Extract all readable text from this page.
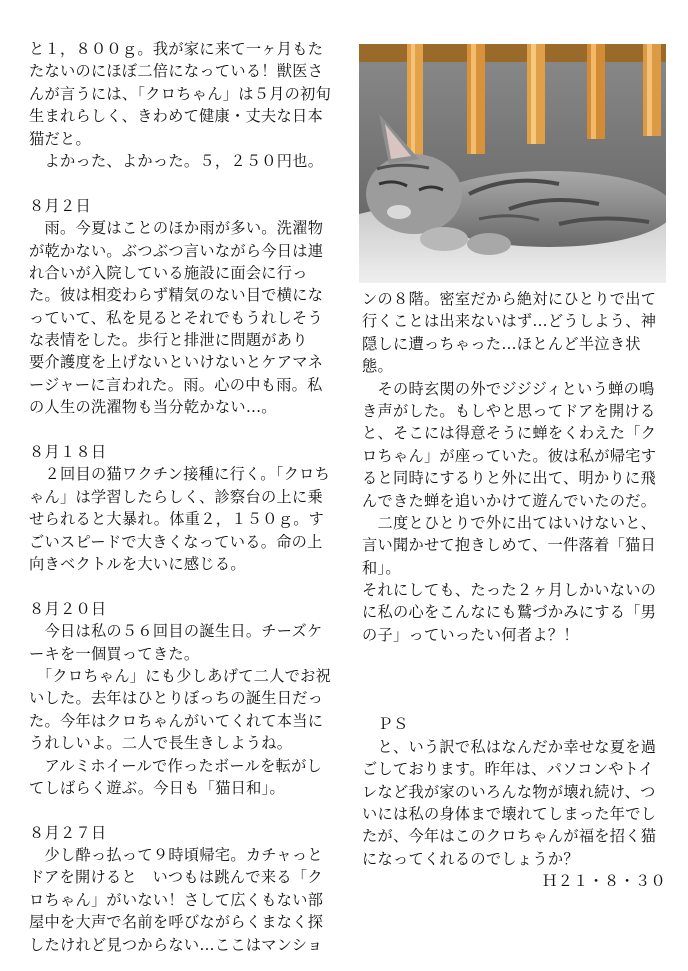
と１，８００ｇ。我が家に来て一ヶ月もた
たないのにほぼ二倍になっている！獣医さ
んが言うには、「クロちゃん」は５月の初旬
生まれらしく、きわめて健康・丈夫な日本
猫だと。
　よかった、よかった。５，２５０円也。
８月２日
　雨。今夏はことのほか雨が多い。洗濯物
が乾かない。ぶつぶつ言いながら今日は連
れ合いが入院している施設に面会に行っ
た。彼は相変わらず精気のない目で横にな
っていて、私を見るとそれでもうれしそう
な表情をした。歩行と排泄に問題があり
要介護度を上げないといけないとケアマネ
ージャーに言われた。雨。心の中も雨。私
の人生の洗濯物も当分乾かない…。
８月１８日
　２回目の猫ワクチン接種に行く。「クロち
ゃん」は学習したらしく、診察台の上に乗
せられると大暴れ。体重２，１５０ｇ。す
ごいスピードで大きくなっている。命の上
向きベクトルを大いに感じる。
８月２０日
　今日は私の５６回目の誕生日。チーズケ
ーキを一個買ってきた。
　「クロちゃん」にも少しあげて二人でお祝
いした。去年はひとりぼっちの誕生日だっ
た。今年はクロちゃんがいてくれて本当に
うれしいよ。二人で長生きしようね。
　アルミホイールで作ったボールを転がし
てしばらく遊ぶ。今日も「猫日和」。
８月２７日
　少し酔っ払って９時頃帰宅。カチャっと
ドアを開けると　いつもは跳んで来る「ク
ロちゃん」がいない！さして広くもない部
屋中を大声で名前を呼びながらくまなく探
したけれど見つからない…ここはマンショ
ンの８階。密室だから絶対にひとりで出て
行くことは出来ないはず…どうしよう、神
隠しに遭っちゃった…ほとんど半泣き状
態。
　その時玄関の外でジジジィという蝉の鳴
き声がした。もしやと思ってドアを開ける
と、そこには得意そうに蝉をくわえた「ク
ロちゃん」が座っていた。彼は私が帰宅す
ると同時にするりと外に出て、明かりに飛
んできた蝉を追いかけて遊んでいたのだ。
　二度とひとりで外に出てはいけないと、
言い聞かせて抱きしめて、一件落着「猫日
和」。
それにしても、たった２ヶ月しかいないの
に私の心をこんなにも鷲づかみにする「男
の子」っていったい何者よ？！
　ＰＳ
　と、いう訳で私はなんだか幸せな夏を過
ごしております。昨年は、パソコンやトイ
レなど我が家のいろんな物が壊れ続け、つ
いには私の身体まで壊れてしまった年でし
たが、今年はこのクロちゃんが福を招く猫
になってくれるのでしょうか？
Ｈ２１・８・３０
